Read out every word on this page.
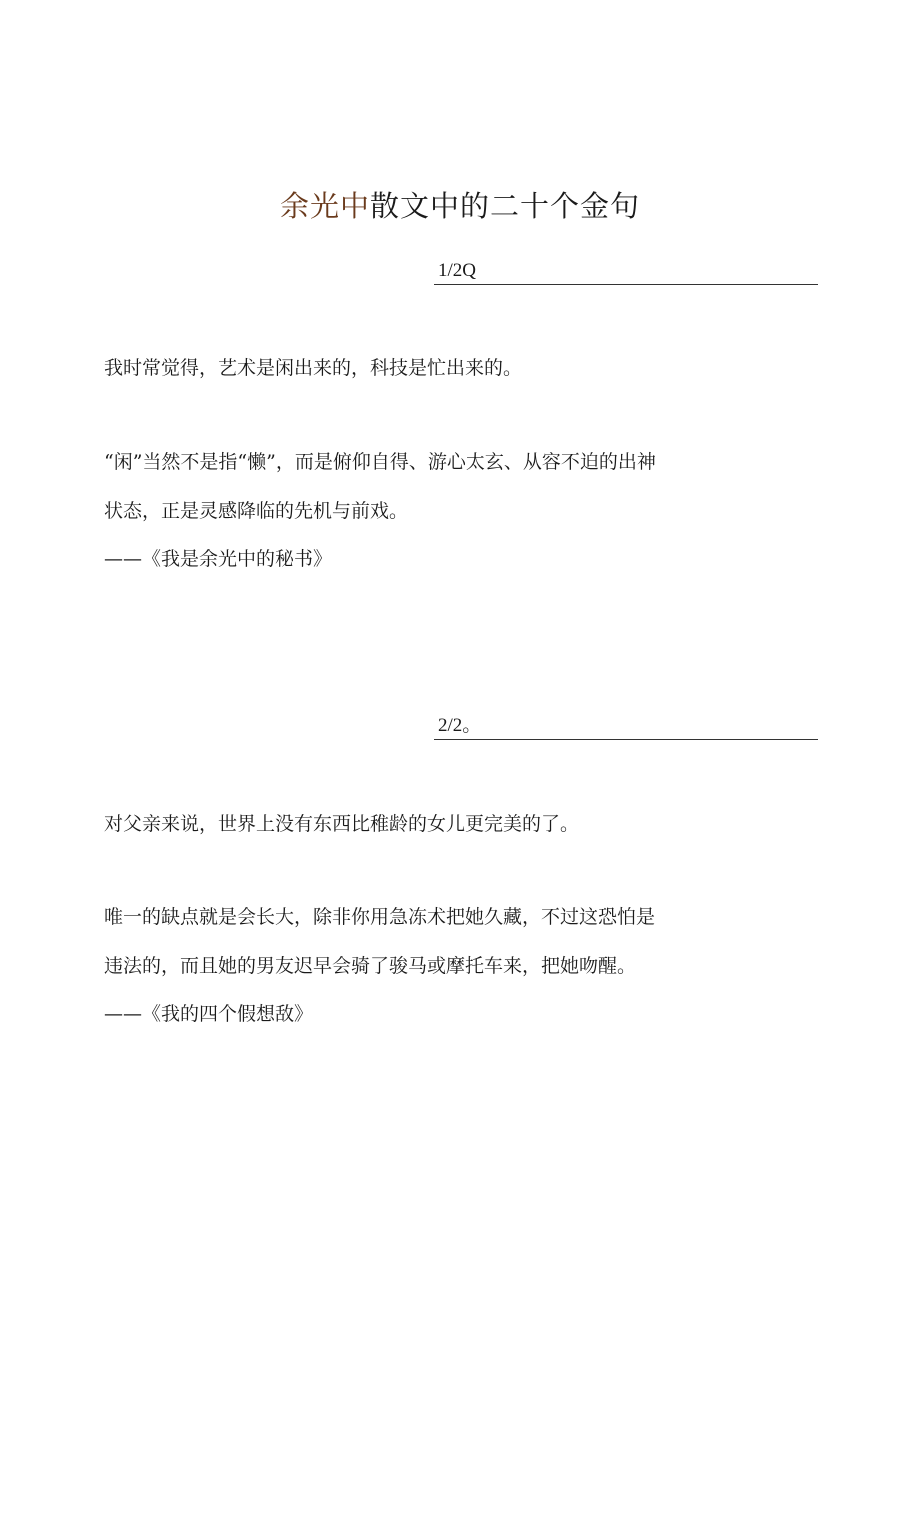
余光中散文中的二十个金句
1/2Q
我时常觉得，艺术是闲出来的，科技是忙出来的。
“闲”当然不是指“懒”，而是俯仰自得、游心太玄、从容不迫的出神
状态，正是灵感降临的先机与前戏。
——《我是余光中的秘书》
2/2。
对父亲来说，世界上没有东西比稚龄的女儿更完美的了。
唯一的缺点就是会长大，除非你用急冻术把她久藏，不过这恐怕是
违法的，而且她的男友迟早会骑了骏马或摩托车来，把她吻醒。
——《我的四个假想敌》
